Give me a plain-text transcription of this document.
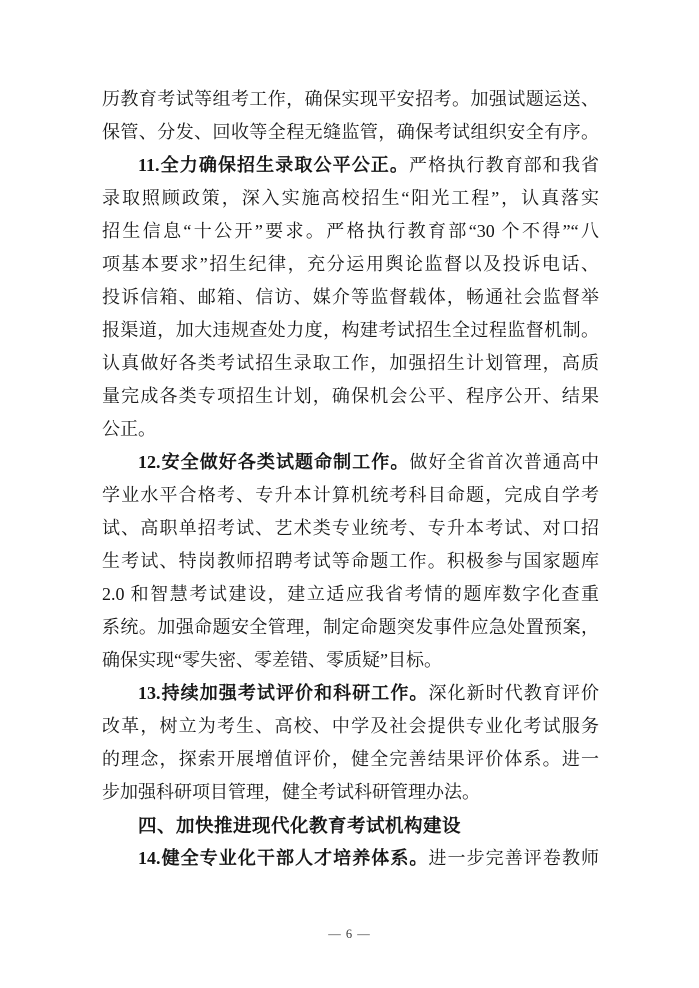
历教育考试等组考工作，确保实现平安招考。加强试题运送、
保管、分发、回收等全程无缝监管，确保考试组织安全有序。
11.全力确保招生录取公平公正。严格执行教育部和我省
录取照顾政策，深入实施高校招生“阳光工程”，认真落实
招生信息“十公开”要求。严格执行教育部“30 个不得”“八
项基本要求”招生纪律，充分运用舆论监督以及投诉电话、
投诉信箱、邮箱、信访、媒介等监督载体，畅通社会监督举
报渠道，加大违规查处力度，构建考试招生全过程监督机制。
认真做好各类考试招生录取工作，加强招生计划管理，高质
量完成各类专项招生计划，确保机会公平、程序公开、结果
公正。
12.安全做好各类试题命制工作。做好全省首次普通高中
学业水平合格考、专升本计算机统考科目命题，完成自学考
试、高职单招考试、艺术类专业统考、专升本考试、对口招
生考试、特岗教师招聘考试等命题工作。积极参与国家题库
2.0 和智慧考试建设，建立适应我省考情的题库数字化查重
系统。加强命题安全管理，制定命题突发事件应急处置预案，
确保实现“零失密、零差错、零质疑”目标。
13.持续加强考试评价和科研工作。深化新时代教育评价
改革，树立为考生、高校、中学及社会提供专业化考试服务
的理念，探索开展增值评价，健全完善结果评价体系。进一
步加强科研项目管理，健全考试科研管理办法。
四、加快推进现代化教育考试机构建设
14.健全专业化干部人才培养体系。进一步完善评卷教师
— 6 —
